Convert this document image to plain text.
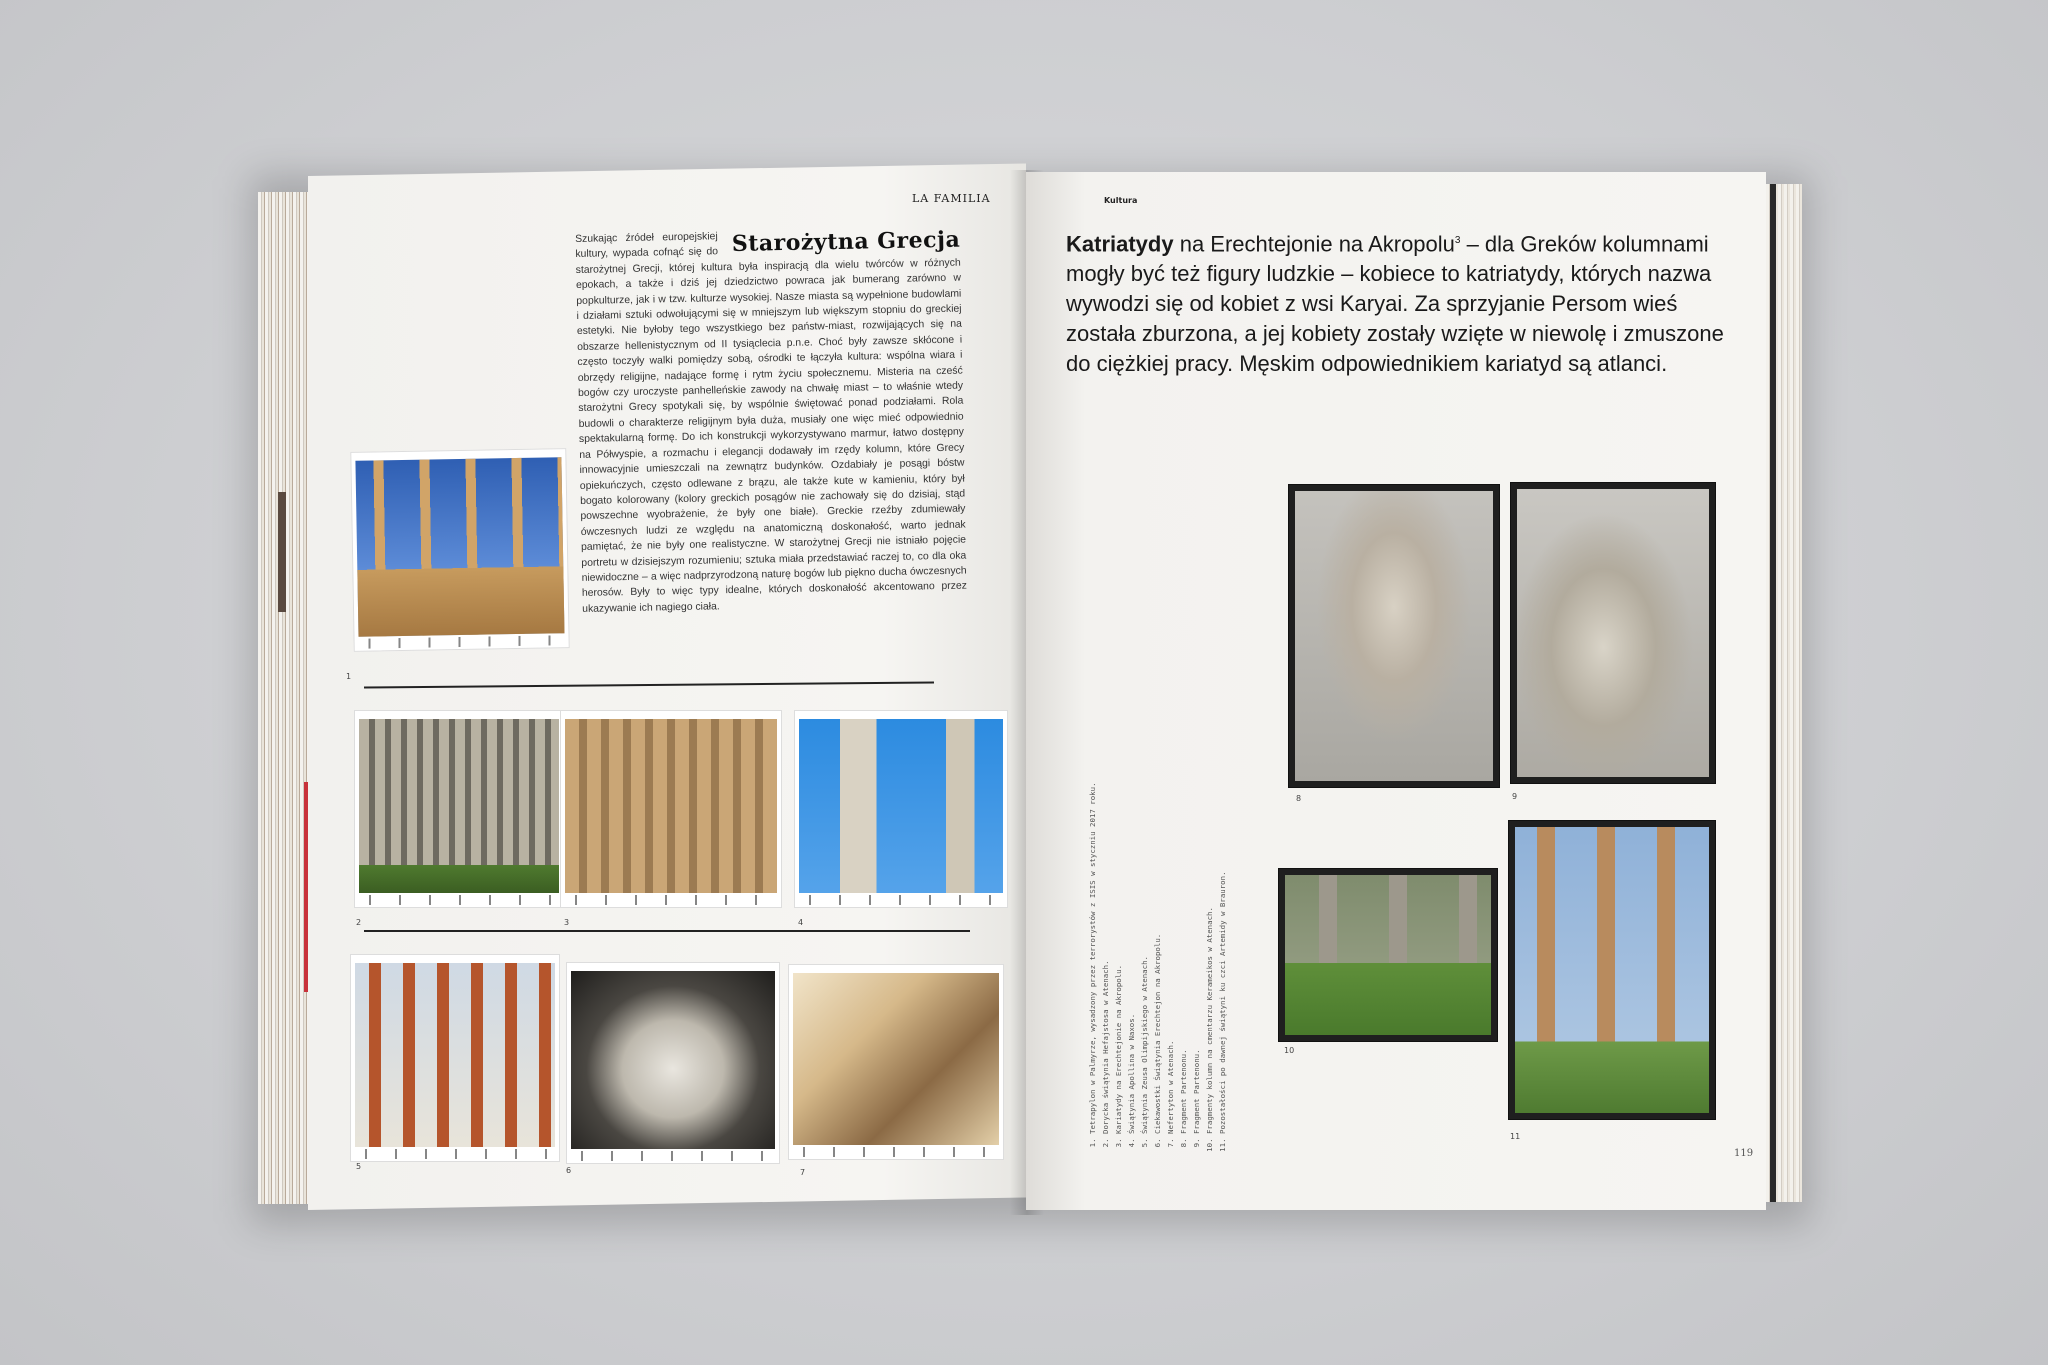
LA FAMILIA
Starożytna Grecja

Szukając źródeł europejskiej kultury, wypada cofnąć się do starożytnej Grecji, której kultura była inspiracją dla wielu twórców w różnych epokach, a także i dziś jej dziedzictwo powraca jak bumerang zarówno w popkulturze, jak i w tzw. kulturze wysokiej. Nasze miasta są wypełnione budowlami i działami sztuki odwołującymi się w mniejszym lub większym stopniu do greckiej estetyki. Nie byłoby tego wszystkiego bez państw-miast, rozwijających się na obszarze hellenistycznym od II tysiąclecia p.n.e. Choć były zawsze skłócone i często toczyły walki pomiędzy sobą, ośrodki te łączyła kultura: wspólna wiara i obrzędy religijne, nadające formę i rytm życiu społecznemu. Misteria na cześć bogów czy uroczyste panhelleńskie zawody na chwałę miast – to właśnie wtedy starożytni Grecy spotykali się, by wspólnie świętować ponad podziałami. Rola budowli o charakterze religijnym była duża, musiały one więc mieć odpowiednio spektakularną formę. Do ich konstrukcji wykorzystywano marmur, łatwo dostępny na Półwyspie, a rozmachu i elegancji dodawały im rzędy kolumn, które Grecy innowacyjnie umieszczali na zewnątrz budynków. Ozdabiały je posągi bóstw opiekuńczych, często odlewane z brązu, ale także kute w kamieniu, który był bogato kolorowany (kolory greckich posągów nie zachowały się do dzisiaj, stąd powszechne wyobrażenie, że były one białe). Greckie rzeźby zdumiewały ówczesnych ludzi ze względu na anatomiczną doskonałość, warto jednak pamiętać, że nie były one realistyczne. W starożytnej Grecji nie istniało pojęcie portretu w dzisiejszym rozumieniu; sztuka miała przedstawiać raczej to, co dla oka niewidoczne – a więc nadprzyrodzoną naturę bogów lub piękno ducha ówczesnych herosów. Były to więc typy idealne, których doskonałość akcentowano przez ukazywanie ich nagiego ciała.

1
2	3	4
5	6	7
Kultura
Katriatydy na Erechtejonie na Akropolu$^3$ – dla Greków kolumnami mogły być też figury ludzkie – kobiece to katriatydy, których nazwa wywodzi się od kobiet z wsi Karyai. Za sprzyjanie Persom wieś została zburzona, a jej kobiety zostały wzięte w niewolę i zmuszone do ciężkiej pracy. Męskim odpowiednikiem kariatyd są atlanci.
1. Tetrapylon w Palmyrze, wysadzony przez terrorystów z ISIS w styczniu 2017 roku. 2. Dorycka świątynia Hefajstosa w Atenach. 3. Kariatydy na Erechtejonie na Akropolu. 4. Świątynia Apollina w Naxos. 5. Świątynia Zeusa Olimpijskiego w Atenach. 6. Ciekawostki Świątynia Erechtejon na Akropolu. 7. Nefertyton w Atenach. 8. Fragment Partenonu. 9. Fragment Partenonu. 10. Fragmenty kolumn na cmentarzu Kerameikos w Atenach. 11. Pozostałości po dawnej świątyni ku czci Artemidy w Brauron.
8	9
10
11
119
